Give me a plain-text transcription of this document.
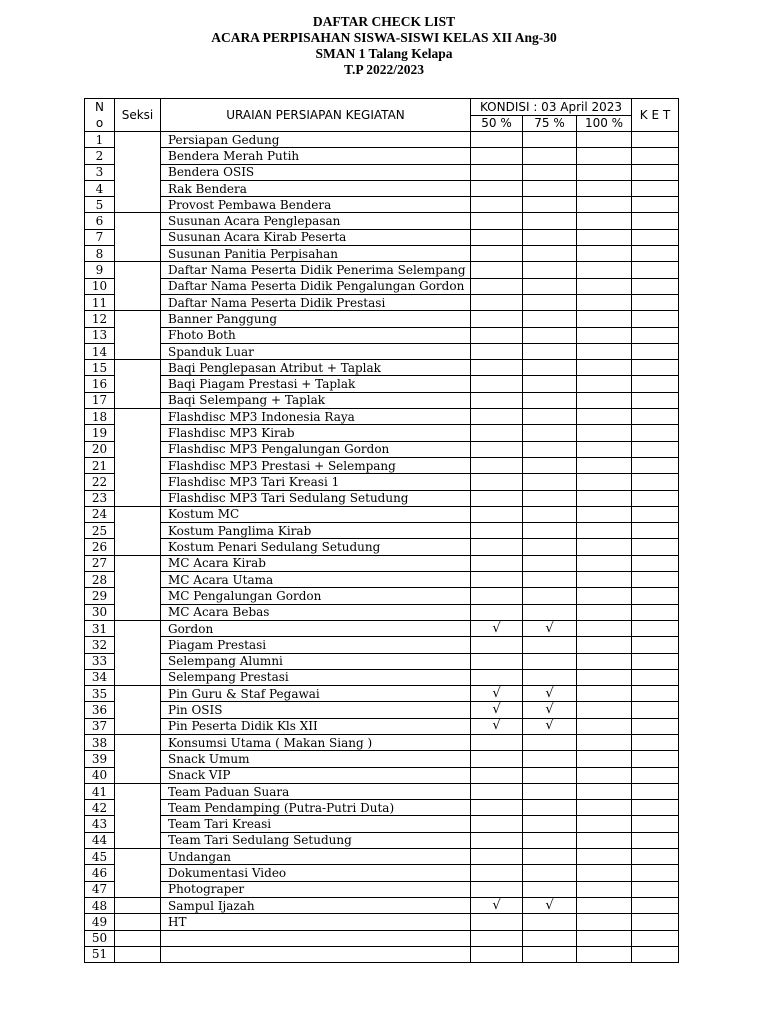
DAFTAR CHECK LIST
ACARA PERPISAHAN SISWA-SISWI KELAS XII Ang-30
SMAN 1 Talang Kelapa
T.P 2022/2023
N
o	Seksi	URAIAN PERSIAPAN KEGIATAN	KONDISI : 03 April 2023			K E T
			50 %	75 %	100 %	
1		Persiapan Gedung				
2		Bendera Merah Putih				
3		Bendera OSIS				
4		Rak Bendera				
5		Provost Pembawa Bendera				
6		Susunan Acara Penglepasan				
7		Susunan Acara Kirab Peserta				
8		Susunan Panitia Perpisahan				
9		Daftar Nama Peserta Didik Penerima Selempang				
10		Daftar Nama Peserta Didik Pengalungan Gordon				
11		Daftar Nama Peserta Didik Prestasi				
12		Banner Panggung				
13		Fhoto Both				
14		Spanduk Luar				
15		Baqi Penglepasan Atribut + Taplak				
16		Baqi Piagam Prestasi + Taplak				
17		Baqi Selempang + Taplak				
18		Flashdisc MP3 Indonesia Raya				
19		Flashdisc MP3 Kirab				
20		Flashdisc MP3 Pengalungan Gordon				
21		Flashdisc MP3 Prestasi + Selempang				
22		Flashdisc MP3 Tari Kreasi 1				
23		Flashdisc MP3 Tari Sedulang Setudung				
24		Kostum MC				
25		Kostum Panglima Kirab				
26		Kostum Penari Sedulang Setudung				
27		MC Acara Kirab				
28		MC Acara Utama				
29		MC Pengalungan Gordon				
30		MC Acara Bebas				
31		Gordon	√	√		
32		Piagam Prestasi				
33		Selempang Alumni				
34		Selempang Prestasi				
35		Pin Guru & Staf Pegawai	√	√		
36		Pin OSIS	√	√		
37		Pin Peserta Didik Kls XII	√	√		
38		Konsumsi Utama ( Makan Siang )				
39		Snack Umum				
40		Snack VIP				
41		Team Paduan Suara				
42		Team Pendamping (Putra-Putri Duta)				
43		Team Tari Kreasi				
44		Team Tari Sedulang Setudung				
45		Undangan				
46		Dokumentasi Video				
47		Photograper				
48		Sampul Ijazah	√	√		
49		HT				
50						
51						
